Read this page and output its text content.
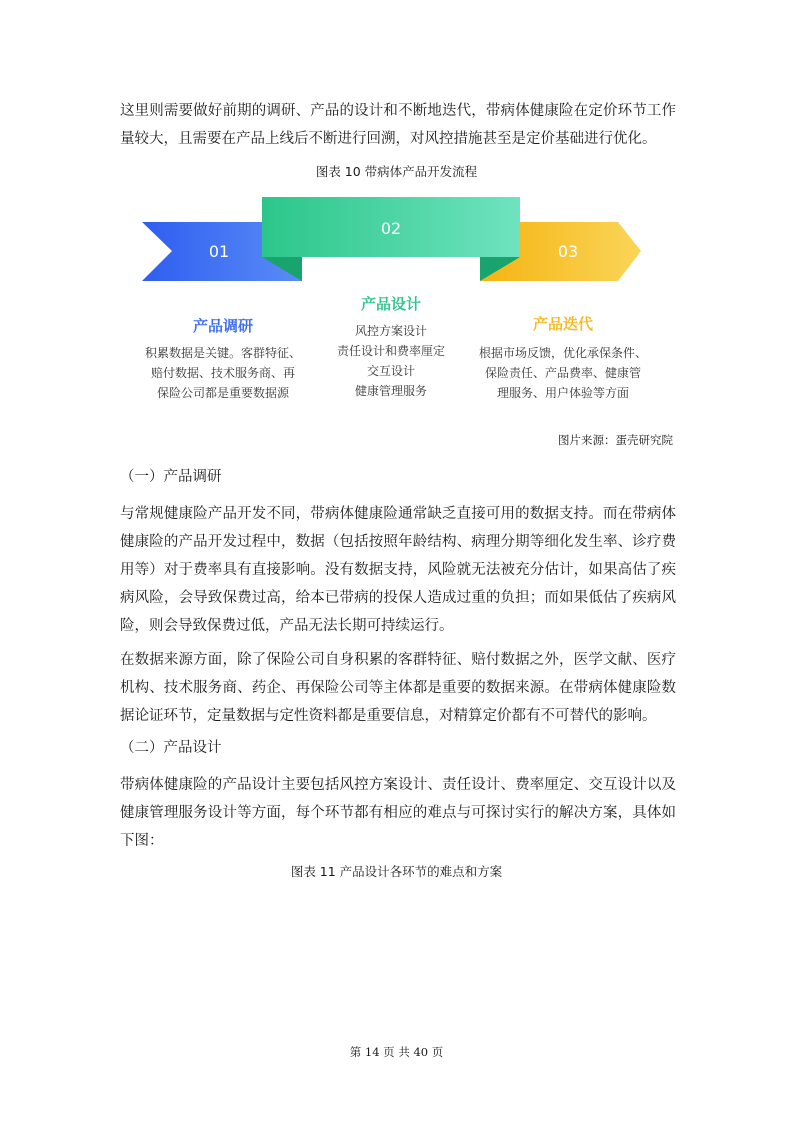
这里则需要做好前期的调研、产品的设计和不断地迭代，带病体健康险在定价环节工作量较大，且需要在产品上线后不断进行回溯，对风控措施甚至是定价基础进行优化。

图表 10 带病体产品开发流程

01
02
03
产品调研
积累数据是关键。客群特征、
赔付数据、技术服务商、再
保险公司都是重要数据源
产品设计
风控方案设计
责任设计和费率厘定
交互设计
健康管理服务
产品迭代
根据市场反馈，优化承保条件、
保险责任、产品费率、健康管
理服务、用户体验等方面

图片来源：蛋壳研究院

（一）产品调研

与常规健康险产品开发不同，带病体健康险通常缺乏直接可用的数据支持。而在带病体健康险的产品开发过程中，数据（包括按照年龄结构、病理分期等细化发生率、诊疗费用等）对于费率具有直接影响。没有数据支持，风险就无法被充分估计，如果高估了疾病风险，会导致保费过高，给本已带病的投保人造成过重的负担；而如果低估了疾病风险，则会导致保费过低，产品无法长期可持续运行。

在数据来源方面，除了保险公司自身积累的客群特征、赔付数据之外，医学文献、医疗机构、技术服务商、药企、再保险公司等主体都是重要的数据来源。在带病体健康险数据论证环节，定量数据与定性资料都是重要信息，对精算定价都有不可替代的影响。

（二）产品设计

带病体健康险的产品设计主要包括风控方案设计、责任设计、费率厘定、交互设计以及健康管理服务设计等方面，每个环节都有相应的难点与可探讨实行的解决方案，具体如下图：

图表 11 产品设计各环节的难点和方案

第 14 页 共 40 页
